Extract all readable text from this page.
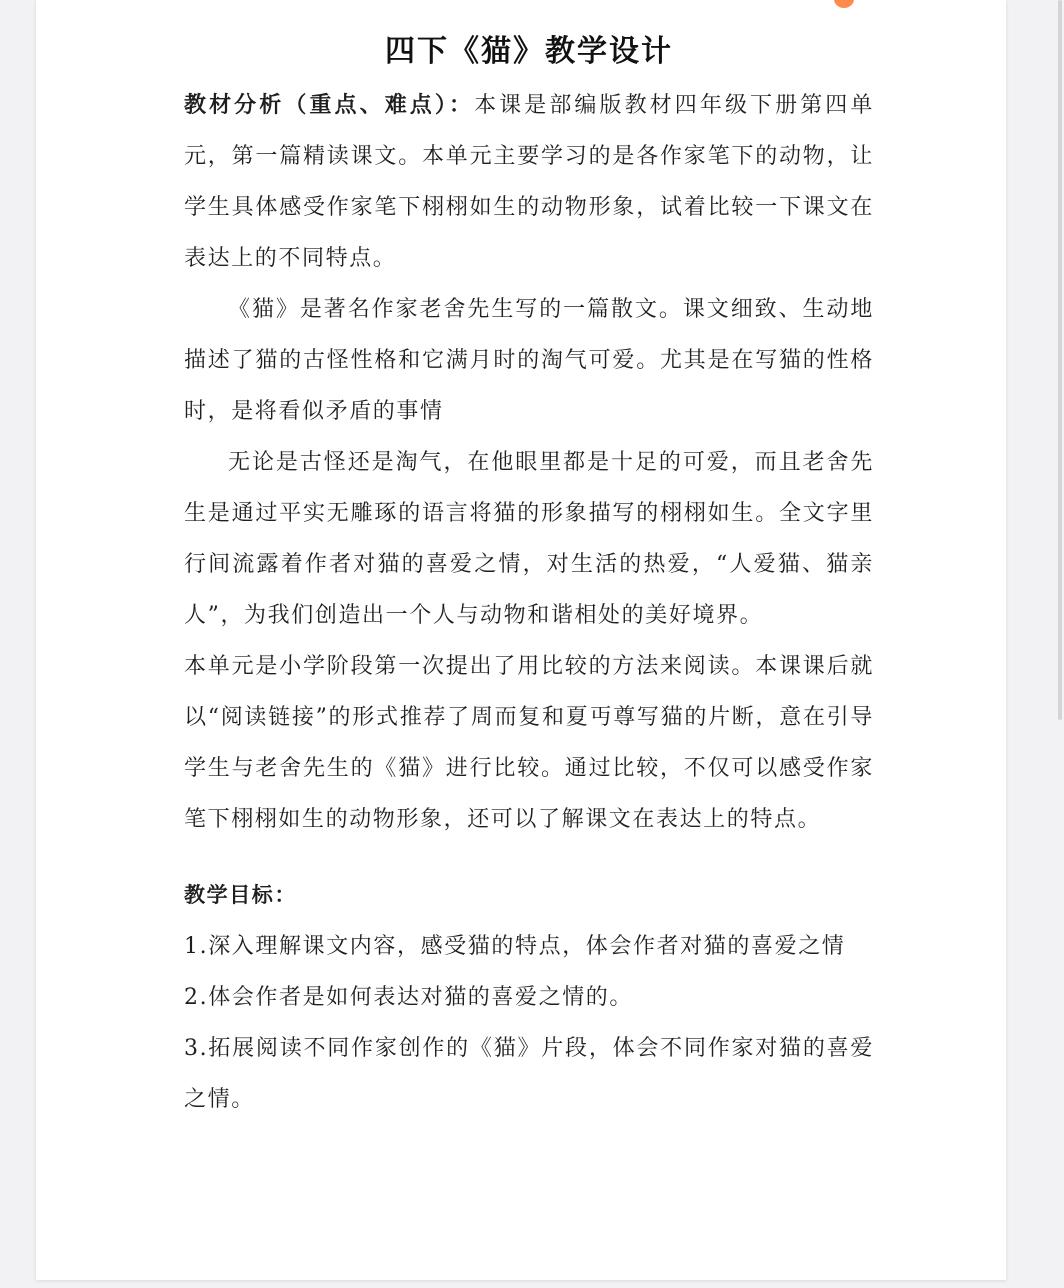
四下《猫》教学设计

教材分析（重点、难点）：本课是部编版教材四年级下册第四单元，第一篇精读课文。本单元主要学习的是各作家笔下的动物，让学生具体感受作家笔下栩栩如生的动物形象，试着比较一下课文在表达上的不同特点。

《猫》是著名作家老舍先生写的一篇散文。课文细致、生动地描述了猫的古怪性格和它满月时的淘气可爱。尤其是在写猫的性格时，是将看似矛盾的事情

无论是古怪还是淘气，在他眼里都是十足的可爱，而且老舍先生是通过平实无雕琢的语言将猫的形象描写的栩栩如生。全文字里行间流露着作者对猫的喜爱之情，对生活的热爱，“人爱猫、猫亲人”，为我们创造出一个人与动物和谐相处的美好境界。

本单元是小学阶段第一次提出了用比较的方法来阅读。本课课后就以“阅读链接”的形式推荐了周而复和夏丏尊写猫的片断，意在引导学生与老舍先生的《猫》进行比较。通过比较，不仅可以感受作家笔下栩栩如生的动物形象，还可以了解课文在表达上的特点。

教学目标：

1.深入理解课文内容，感受猫的特点，体会作者对猫的喜爱之情

2.体会作者是如何表达对猫的喜爱之情的。

3.拓展阅读不同作家创作的《猫》片段，体会不同作家对猫的喜爱之情。
